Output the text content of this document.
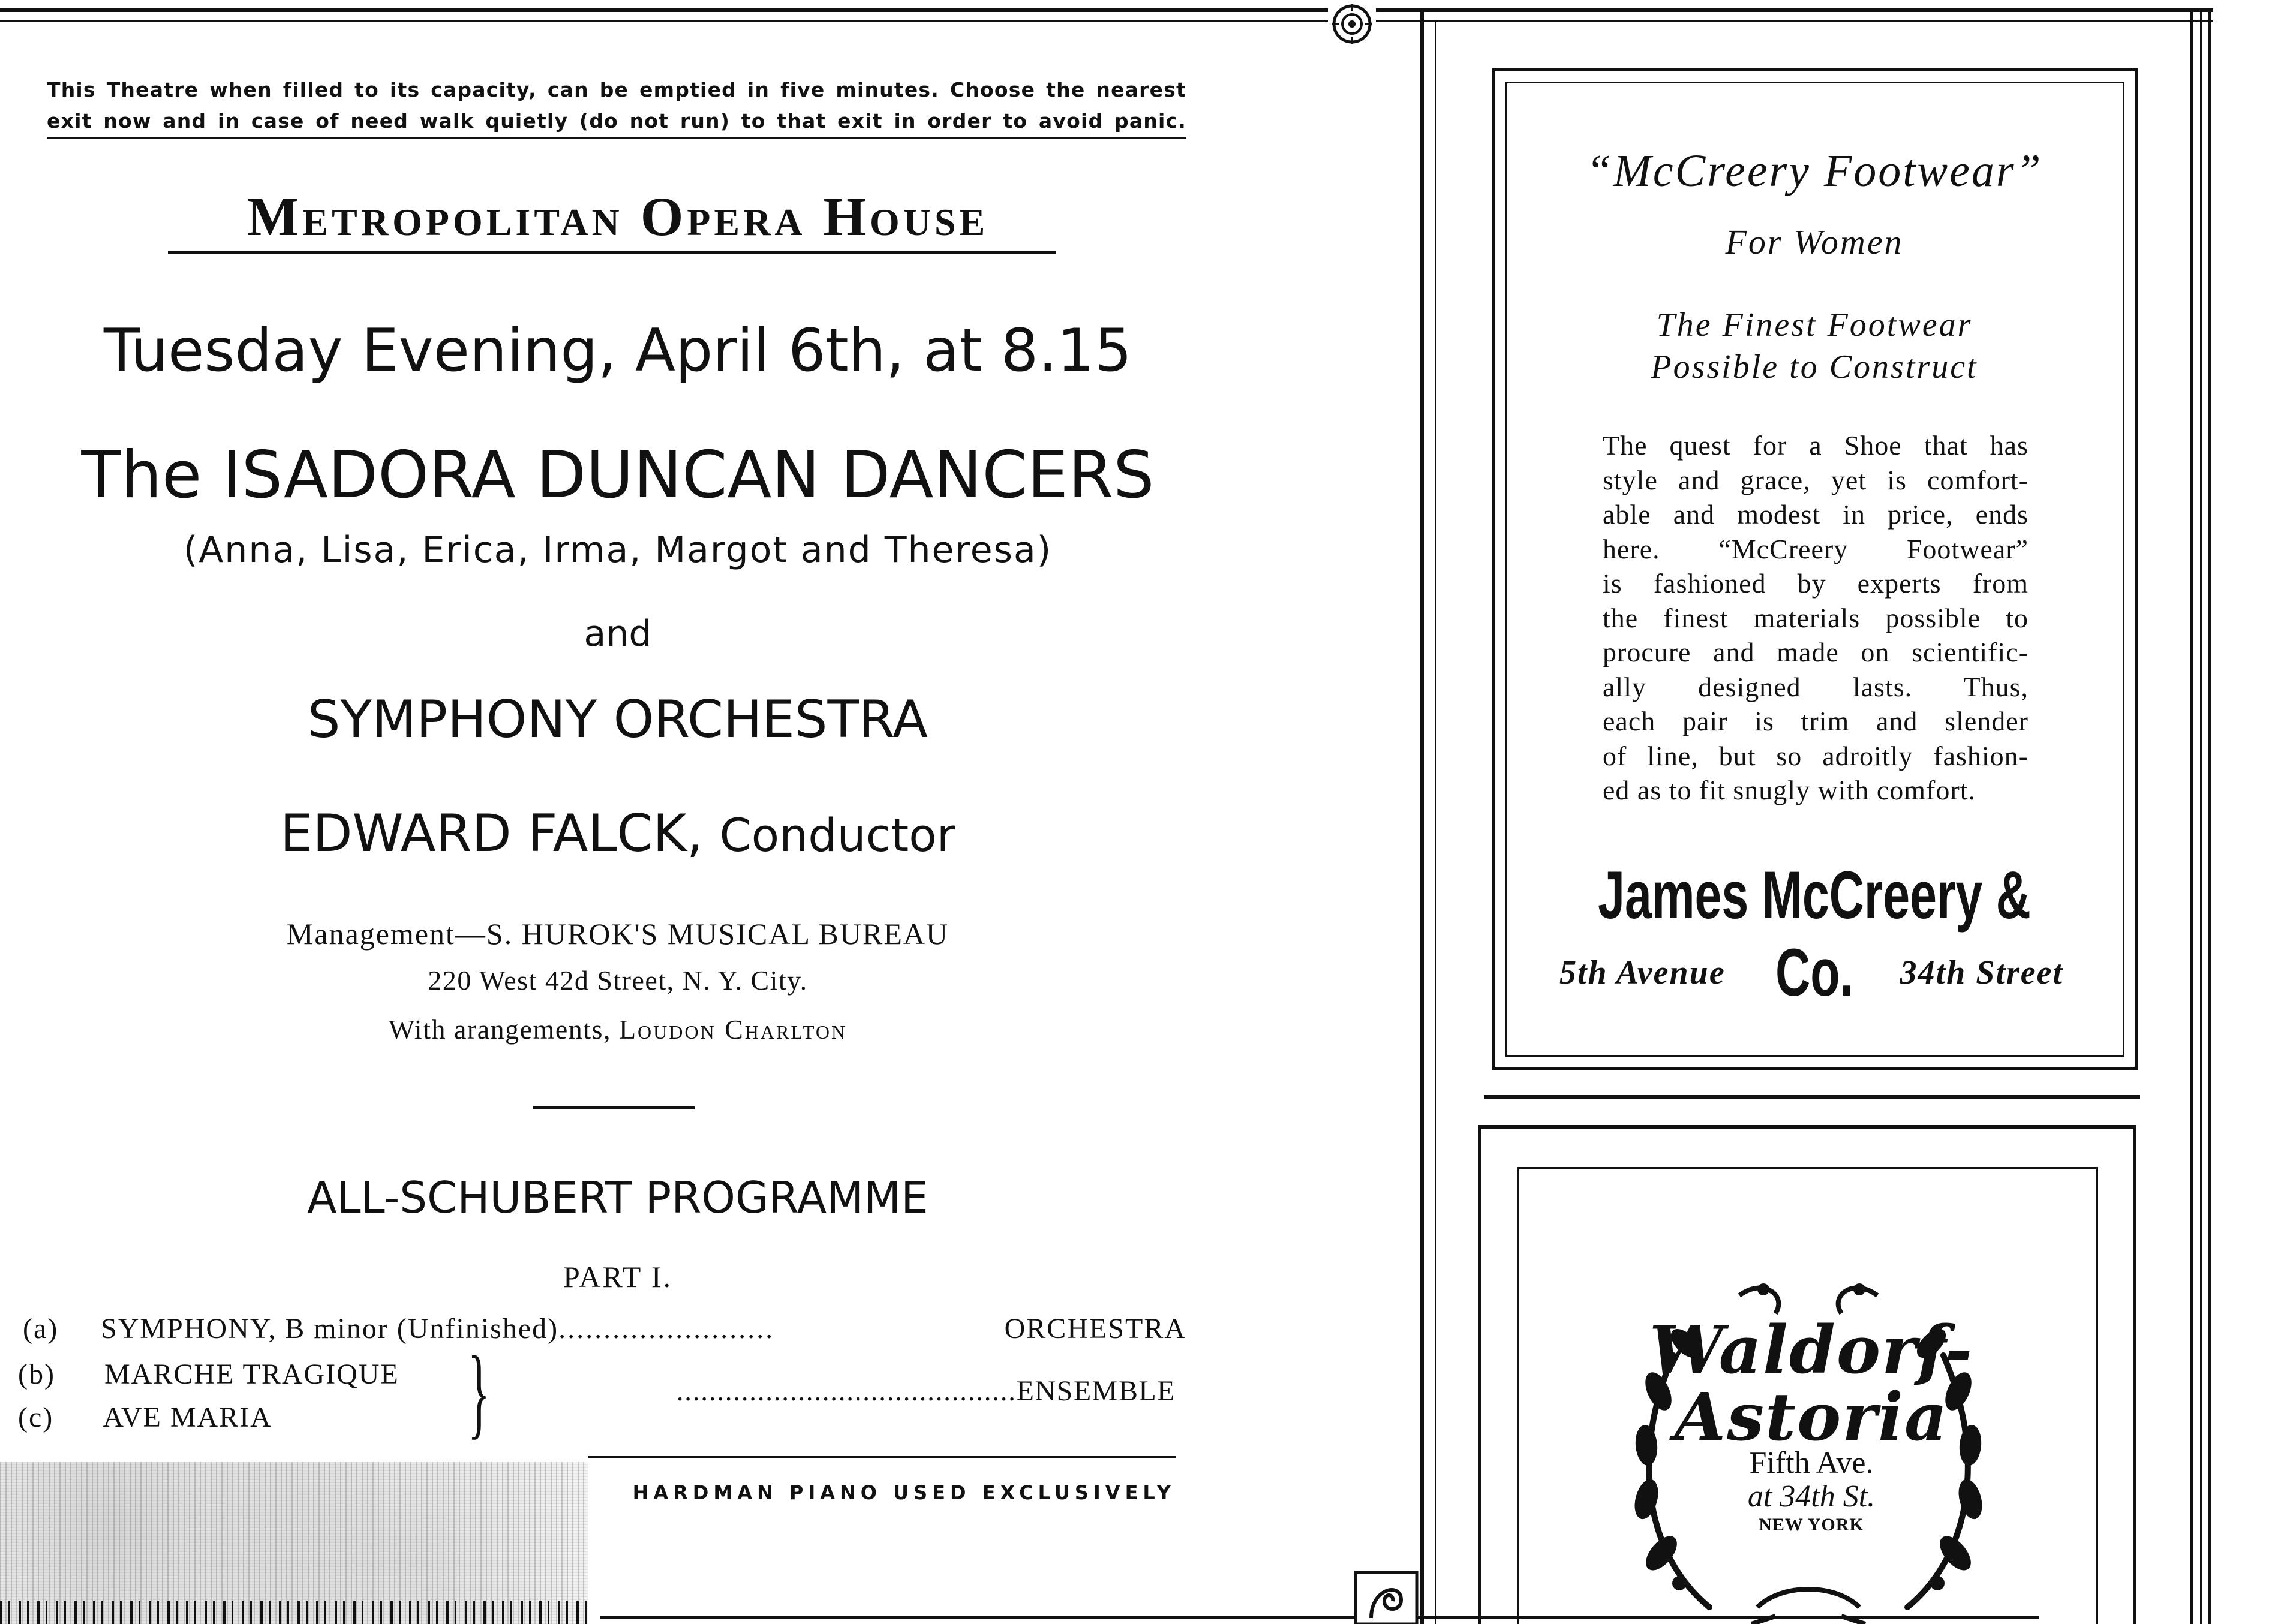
This Theatre when filled to its capacity, can be emptied in five minutes. Choose the nearest
exit now and in case of need walk quietly (do not run) to that exit in order to avoid panic.
Metropolitan Opera House
Tuesday Evening, April 6th, at 8.15
The ISADORA DUNCAN DANCERS
(Anna, Lisa, Erica, Irma, Margot and Theresa)
and
SYMPHONY ORCHESTRA
EDWARD FALCK, Conductor
Management—S. HUROK'S MUSICAL BUREAU
220 West 42d Street, N. Y. City.
With arangements, Loudon Charlton
ALL-SCHUBERT PROGRAMME
PART I.
(a)	SYMPHONY, B minor (Unfinished) ........................	ORCHESTRA
(b) MARCHE TRAGIQUE
(c) AVE MARIA }	..........................................ENSEMBLE
HARDMAN PIANO USED EXCLUSIVELY
“McCreery Footwear”
For Women
The Finest Footwear
Possible to Construct
The quest for a Shoe that has
style and grace, yet is comfort-
able and modest in price, ends
here. “McCreery Footwear”
is fashioned by experts from
the finest materials possible to
procure and made on scientific-
ally designed lasts. Thus,
each pair is trim and slender
of line, but so adroitly fashion-
ed as to fit snugly with comfort.
James McCreery & Co.
5th Avenue	34th Street
Waldorf-
Astoria
Fifth Ave.
at 34th St.
NEW YORK
